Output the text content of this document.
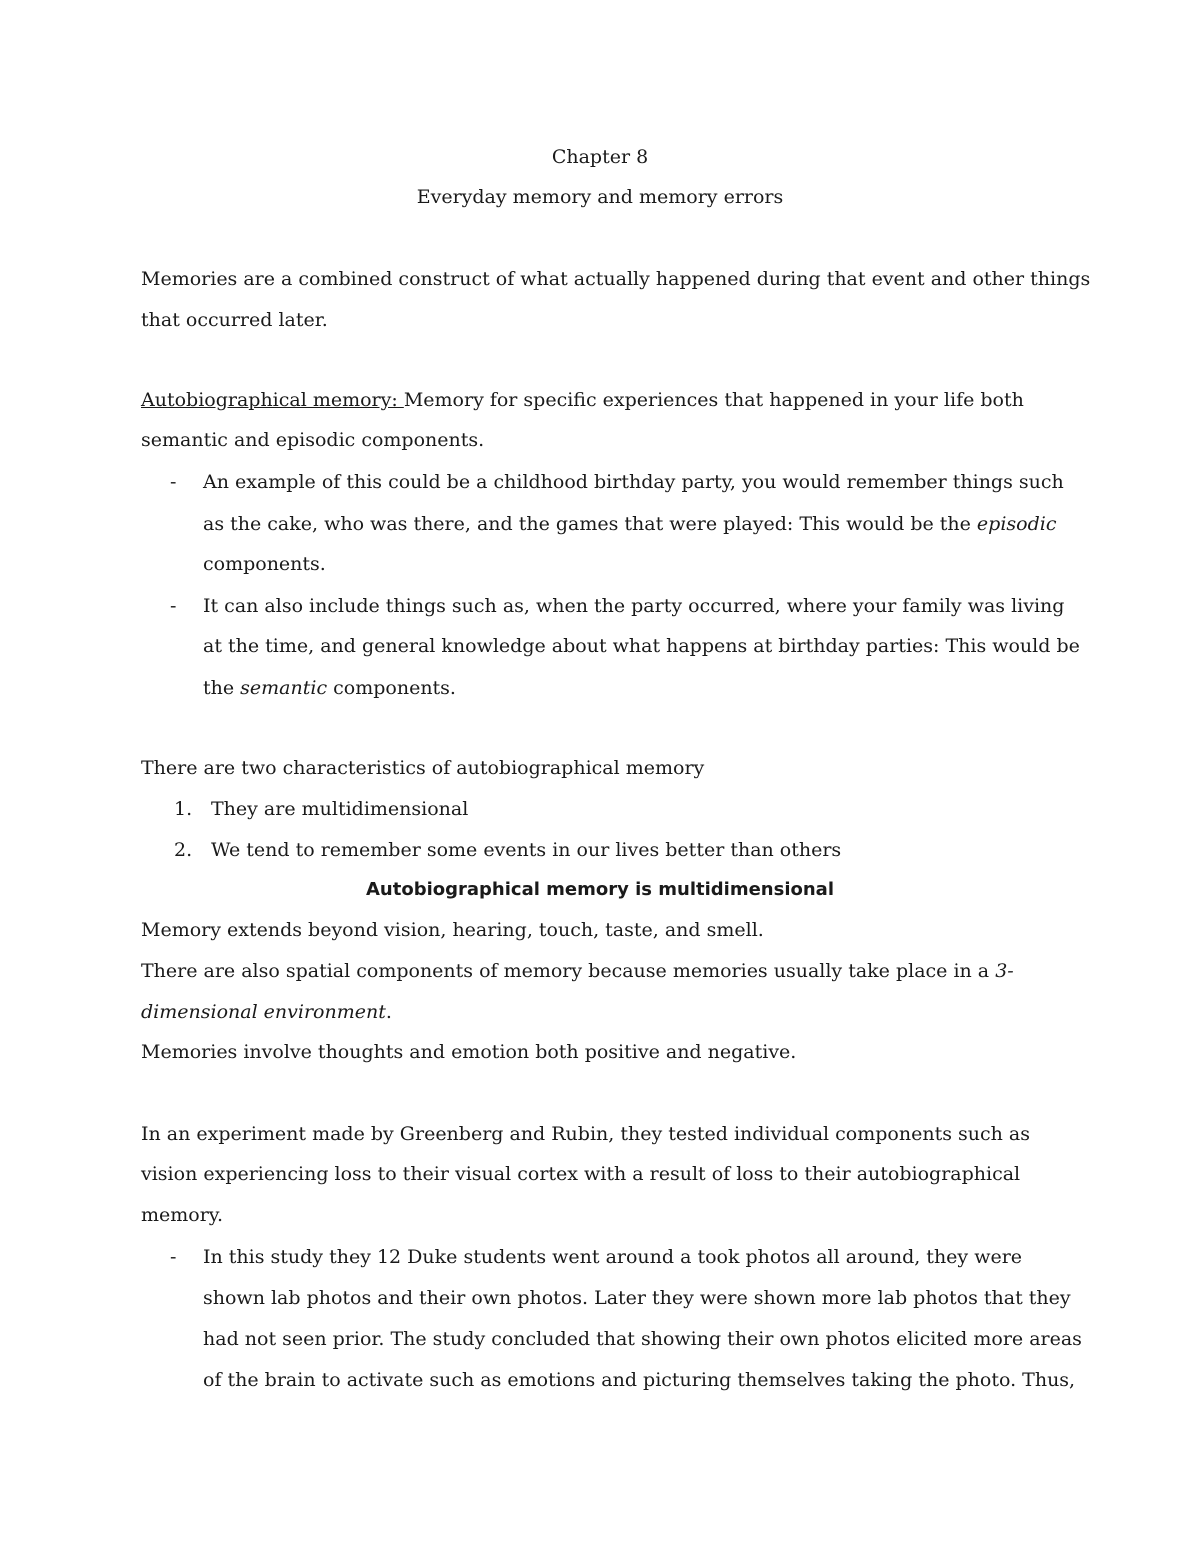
Chapter 8
Everyday memory and memory errors
Memories are a combined construct of what actually happened during that event and other things
that occurred later.
Autobiographical memory: Memory for specific experiences that happened in your life both
semantic and episodic components.
- An example of this could be a childhood birthday party, you would remember things such
as the cake, who was there, and the games that were played: This would be the episodic
components.
- It can also include things such as, when the party occurred, where your family was living
at the time, and general knowledge about what happens at birthday parties: This would be
the semantic components.
There are two characteristics of autobiographical memory
1. They are multidimensional
2. We tend to remember some events in our lives better than others
Autobiographical memory is multidimensional
Memory extends beyond vision, hearing, touch, taste, and smell.
There are also spatial components of memory because memories usually take place in a 3-
dimensional environment.
Memories involve thoughts and emotion both positive and negative.
In an experiment made by Greenberg and Rubin, they tested individual components such as
vision experiencing loss to their visual cortex with a result of loss to their autobiographical
memory.
- In this study they 12 Duke students went around a took photos all around, they were
shown lab photos and their own photos. Later they were shown more lab photos that they
had not seen prior. The study concluded that showing their own photos elicited more areas
of the brain to activate such as emotions and picturing themselves taking the photo. Thus,
